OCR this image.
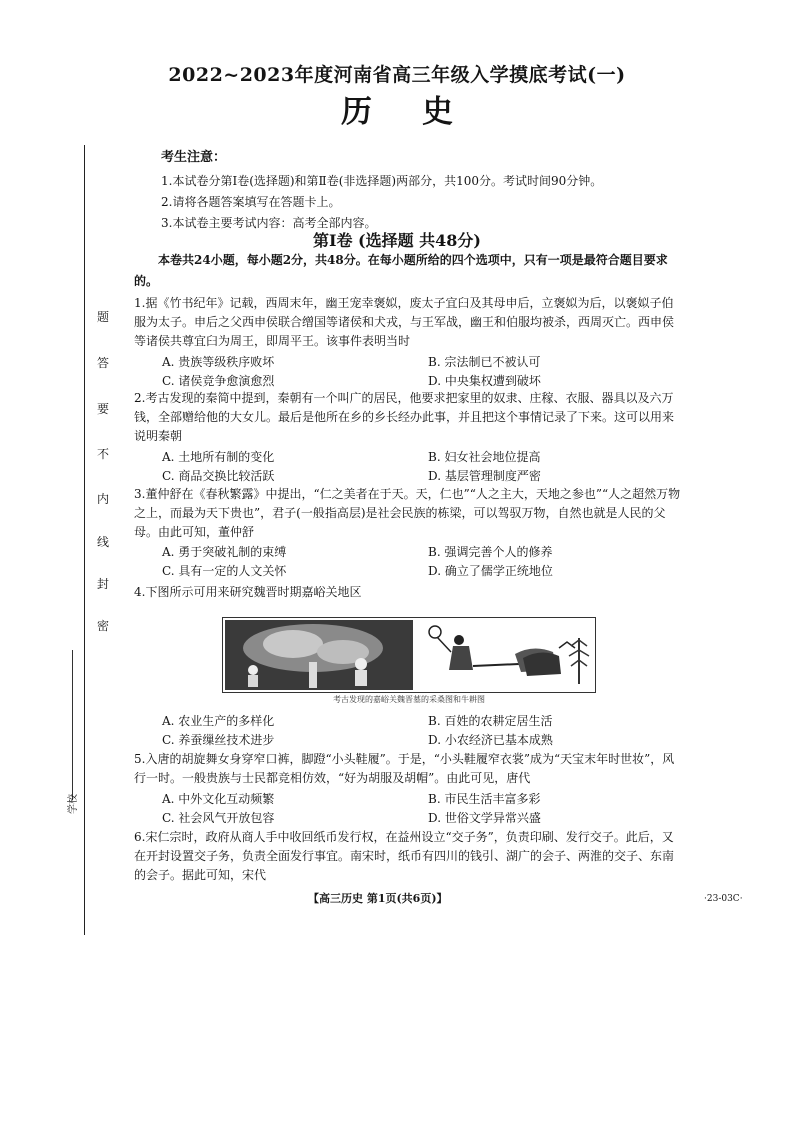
题
答
要
不
内
线
封
密
学校
2022~2023年度河南省高三年级入学摸底考试(一)
历史
考生注意：
1.本试卷分第Ⅰ卷(选择题)和第Ⅱ卷(非选择题)两部分，共100分。考试时间90分钟。
2.请将各题答案填写在答题卡上。
3.本试卷主要考试内容：高考全部内容。
第Ⅰ卷 (选择题 共48分)
本卷共24小题，每小题2分，共48分。在每小题所给的四个选项中，只有一项是最符合题目要求的。
1.据《竹书纪年》记载，西周末年，幽王宠幸褒姒，废太子宜臼及其母申后，立褒姒为后，以褒姒子伯服为太子。申后之父西申侯联合缯国等诸侯和犬戎，与王军战，幽王和伯服均被杀，西周灭亡。西申侯等诸侯共尊宜臼为周王，即周平王。该事件表明当时
A. 贵族等级秩序败坏	B. 宗法制已不被认可
C. 诸侯竞争愈演愈烈	D. 中央集权遭到破坏
2.考古发现的秦简中提到，秦朝有一个叫广的居民，他要求把家里的奴隶、庄稼、衣服、器具以及六万钱，全部赠给他的大女儿。最后是他所在乡的乡长经办此事，并且把这个事情记录了下来。这可以用来说明秦朝
A. 土地所有制的变化	B. 妇女社会地位提高
C. 商品交换比较活跃	D. 基层管理制度严密
3.董仲舒在《春秋繁露》中提出，“仁之美者在于天。天，仁也”“人之主大，天地之参也”“人之超然万物之上，而最为天下贵也”，君子(一般指高层)是社会民族的栋梁，可以驾驭万物，自然也就是人民的父母。由此可知，董仲舒
A. 勇于突破礼制的束缚	B. 强调完善个人的修养
C. 具有一定的人文关怀	D. 确立了儒学正统地位
4.下图所示可用来研究魏晋时期嘉峪关地区
考古发现的嘉峪关魏晋墓的采桑图和牛耕图
A. 农业生产的多样化	B. 百姓的农耕定居生活
C. 养蚕缫丝技术进步	D. 小农经济已基本成熟
5.入唐的胡旋舞女身穿窄口裤，脚蹬“小头鞋履”。于是，“小头鞋履窄衣裳”成为“天宝末年时世妆”，风行一时。一般贵族与士民都竞相仿效，“好为胡服及胡帽”。由此可见，唐代
A. 中外文化互动频繁	B. 市民生活丰富多彩
C. 社会风气开放包容	D. 世俗文学异常兴盛
6.宋仁宗时，政府从商人手中收回纸币发行权，在益州设立“交子务”，负责印刷、发行交子。此后，又在开封设置交子务，负责全面发行事宜。南宋时，纸币有四川的钱引、湖广的会子、两淮的交子、东南的会子。据此可知，宋代
【高三历史 第1页(共6页)】	·23-03C·
